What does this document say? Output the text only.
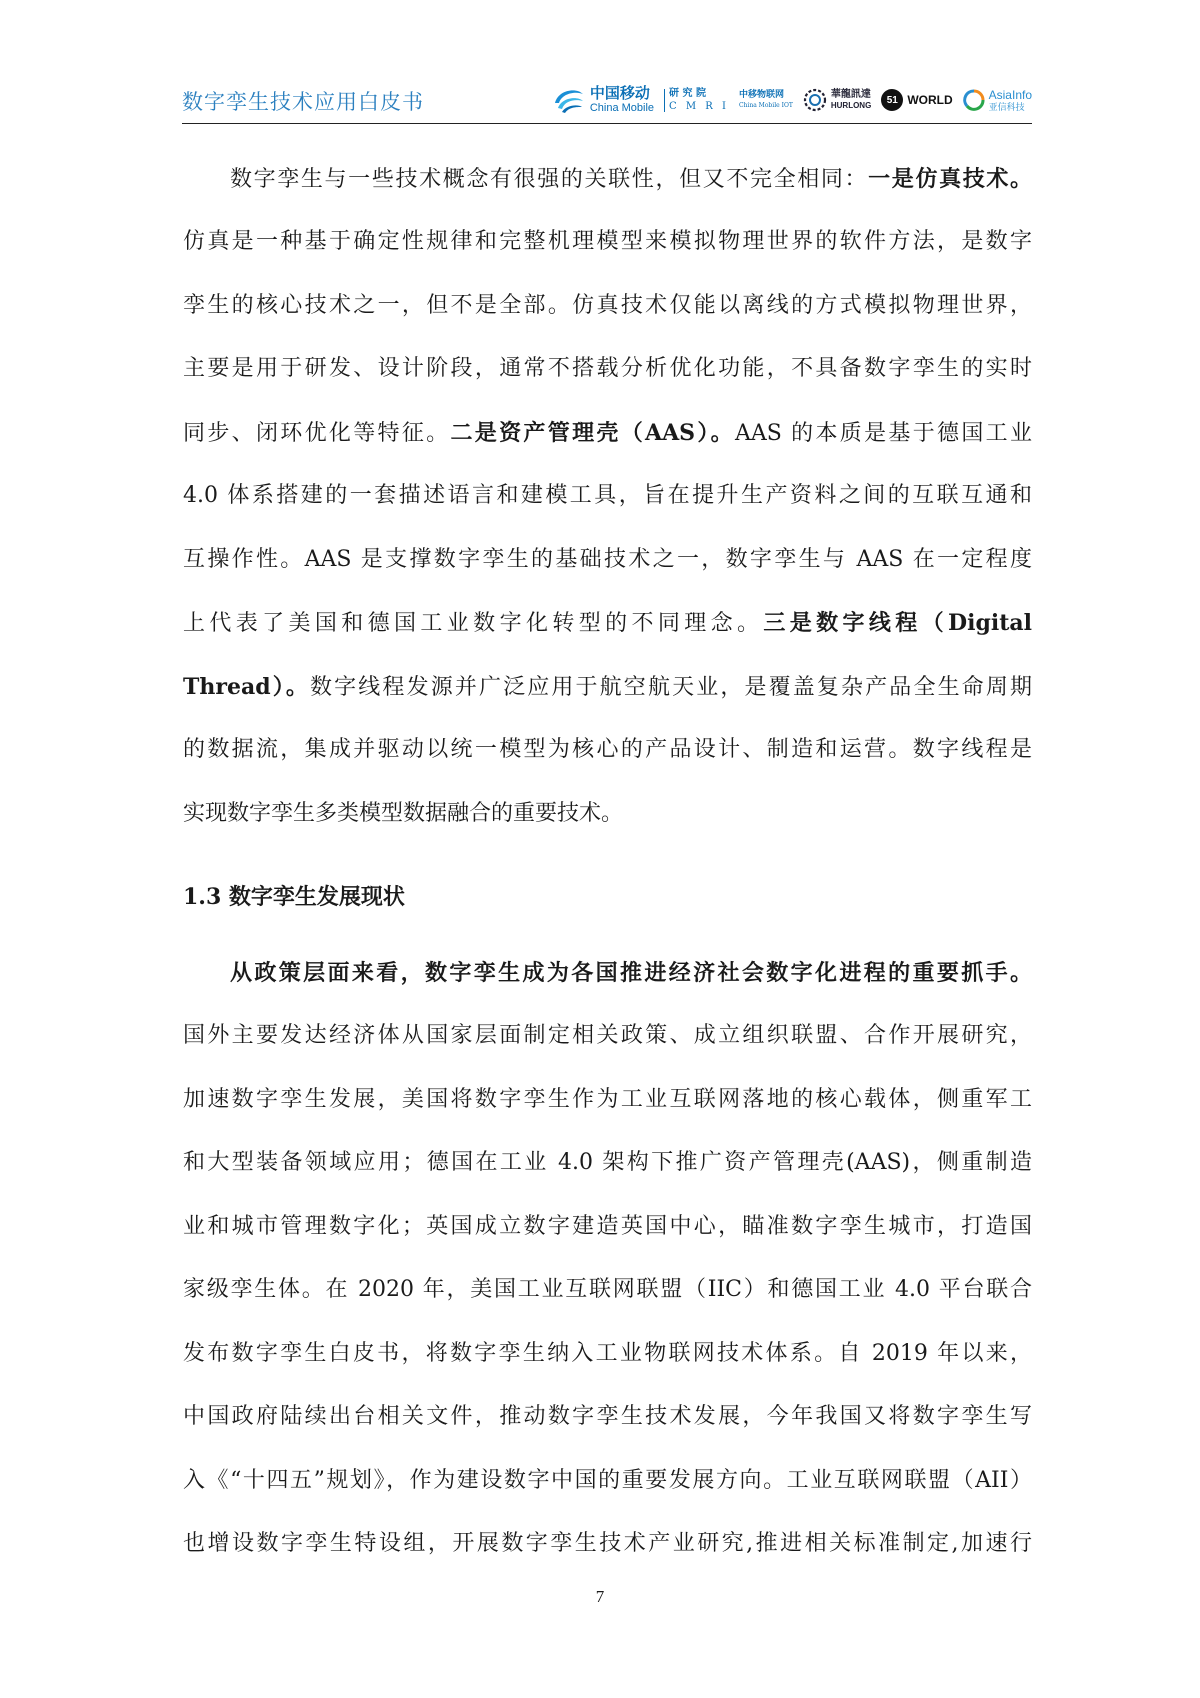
数字孪生技术应用白皮书	中国移动
China Mobile
研 究 院
C M R I
中移物联网
China Mobile IOT
華龍訊達
HURLONG	51 WORLD	AsiaInfo
亚信科技
数字孪生与一些技术概念有很强的关联性，但又不完全相同：一是仿真技术。
仿真是一种基于确定性规律和完整机理模型来模拟物理世界的软件方法，是数字
孪生的核心技术之一，但不是全部。仿真技术仅能以离线的方式模拟物理世界，
主要是用于研发、设计阶段，通常不搭载分析优化功能，不具备数字孪生的实时
同步、闭环优化等特征。二是资产管理壳（AAS）。AAS 的本质是基于德国工业
4.0 体系搭建的一套描述语言和建模工具，旨在提升生产资料之间的互联互通和
互操作性。AAS 是支撑数字孪生的基础技术之一，数字孪生与 AAS 在一定程度
上代表了美国和德国工业数字化转型的不同理念。三是数字线程（Digital
Thread）。数字线程发源并广泛应用于航空航天业，是覆盖复杂产品全生命周期
的数据流，集成并驱动以统一模型为核心的产品设计、制造和运营。数字线程是
实现数字孪生多类模型数据融合的重要技术。
1.3 数字孪生发展现状
从政策层面来看，数字孪生成为各国推进经济社会数字化进程的重要抓手。
国外主要发达经济体从国家层面制定相关政策、成立组织联盟、合作开展研究，
加速数字孪生发展，美国将数字孪生作为工业互联网落地的核心载体，侧重军工
和大型装备领域应用；德国在工业 4.0 架构下推广资产管理壳(AAS)，侧重制造
业和城市管理数字化；英国成立数字建造英国中心，瞄准数字孪生城市，打造国
家级孪生体。在 2020 年，美国工业互联网联盟（IIC）和德国工业 4.0 平台联合
发布数字孪生白皮书，将数字孪生纳入工业物联网技术体系。自 2019 年以来，
中国政府陆续出台相关文件，推动数字孪生技术发展，今年我国又将数字孪生写
入《“十四五”规划》，作为建设数字中国的重要发展方向。工业互联网联盟（AII）
也增设数字孪生特设组，开展数字孪生技术产业研究,推进相关标准制定,加速行
7
